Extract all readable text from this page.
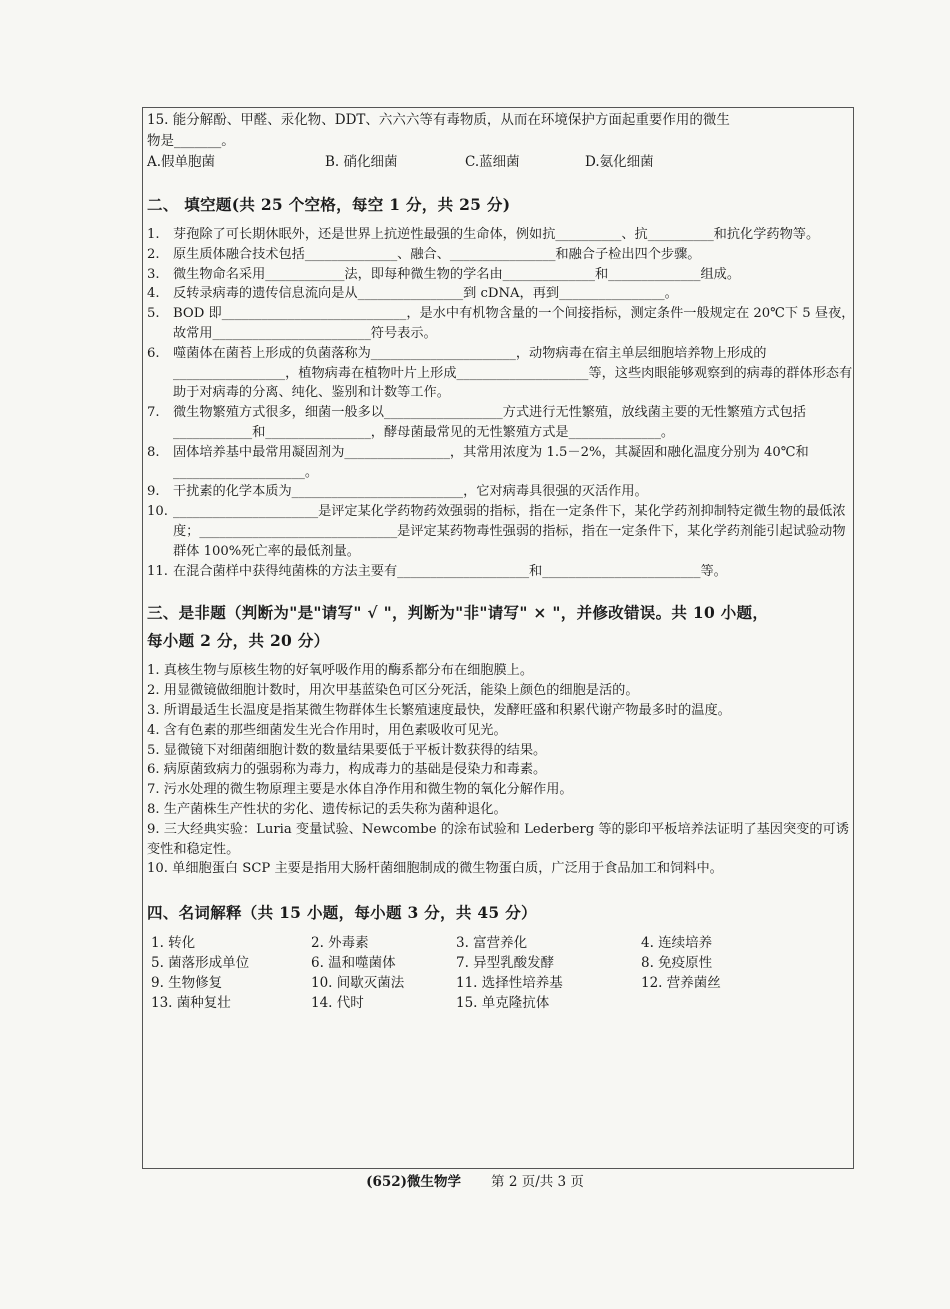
15. 能分解酚、甲醛、汞化物、DDT、六六六等有毒物质，从而在环境保护方面起重要作用的微生
物是_______。
A.假单胞菌	B. 硝化细菌	C.蓝细菌	D.氨化细菌
二、 填空题(共 25 个空格，每空 1 分，共 25 分)
1.	芽孢除了可长期休眠外，还是世界上抗逆性最强的生命体，例如抗__________、抗__________和抗化学药物等。
2.	原生质体融合技术包括______________、融合、________________和融合子检出四个步骤。
3.	微生物命名采用____________法，即每种微生物的学名由______________和______________组成。
4.	反转录病毒的遗传信息流向是从________________到 cDNA，再到________________。
5.	BOD 即____________________________，是水中有机物含量的一个间接指标，测定条件一般规定在 20℃下 5 昼夜，故常用________________________符号表示。
6.	噬菌体在菌苔上形成的负菌落称为______________________，动物病毒在宿主单层细胞培养物上形成的_________________，植物病毒在植物叶片上形成____________________等，这些肉眼能够观察到的病毒的群体形态有助于对病毒的分离、纯化、鉴别和计数等工作。
7.	微生物繁殖方式很多，细菌一般多以__________________方式进行无性繁殖，放线菌主要的无性繁殖方式包括____________和________________，酵母菌最常见的无性繁殖方式是______________。
8.	固体培养基中最常用凝固剂为________________，其常用浓度为 1.5－2%，其凝固和融化温度分别为 40℃和____________________。
9.	干扰素的化学本质为__________________________，它对病毒具很强的灭活作用。
10. ______________________是评定某化学药物药效强弱的指标，指在一定条件下，某化学药剂抑制特定微生物的最低浓度；______________________________是评定某药物毒性强弱的指标，指在一定条件下，某化学药剂能引起试验动物群体 100%死亡率的最低剂量。
11. 在混合菌样中获得纯菌株的方法主要有____________________和________________________等。
三、是非题（判断为"是"请写" √ "，判断为"非"请写" × "，并修改错误。共 10 小题，
每小题 2 分，共 20 分）
1. 真核生物与原核生物的好氧呼吸作用的酶系都分布在细胞膜上。
2. 用显微镜做细胞计数时，用次甲基蓝染色可区分死活，能染上颜色的细胞是活的。
3. 所谓最适生长温度是指某微生物群体生长繁殖速度最快，发酵旺盛和积累代谢产物最多时的温度。
4. 含有色素的那些细菌发生光合作用时，用色素吸收可见光。
5. 显微镜下对细菌细胞计数的数量结果要低于平板计数获得的结果。
6. 病原菌致病力的强弱称为毒力，构成毒力的基础是侵染力和毒素。
7. 污水处理的微生物原理主要是水体自净作用和微生物的氧化分解作用。
8. 生产菌株生产性状的劣化、遗传标记的丢失称为菌种退化。
9. 三大经典实验：Luria 变量试验、Newcombe 的涂布试验和 Lederberg 等的影印平板培养法证明了基因突变的可诱变性和稳定性。
10. 单细胞蛋白 SCP 主要是指用大肠杆菌细胞制成的微生物蛋白质，广泛用于食品加工和饲料中。
四、名词解释（共 15 小题，每小题 3 分，共 45 分）
1. 转化	2. 外毒素	3. 富营养化	4. 连续培养
5. 菌落形成单位	6. 温和噬菌体	7. 异型乳酸发酵	8. 免疫原性
9. 生物修复	10. 间歇灭菌法	11. 选择性培养基	12. 营养菌丝
13. 菌种复壮	14. 代时	15. 单克隆抗体
(652)微生物学 第 2 页/共 3 页
